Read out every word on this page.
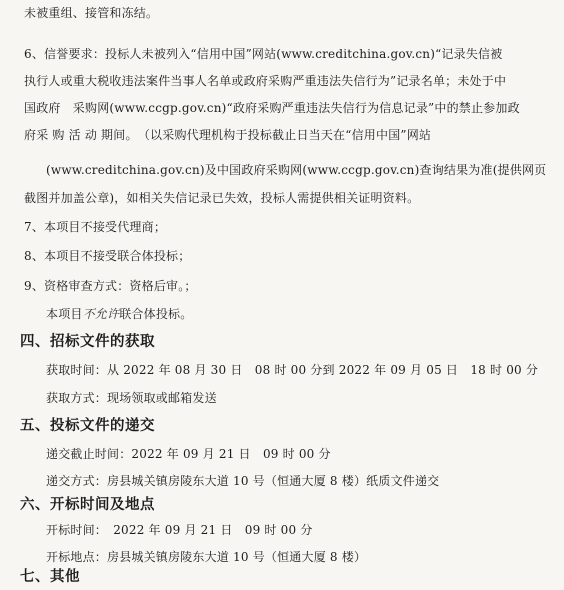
未被重组、接管和冻结。
6、信誉要求：投标人未被列入“信用中国”网站(www.creditchina.gov.cn)“记录失信被
执行人或重大税收违法案件当事人名单或政府采购严重违法失信行为”记录名单；未处于中
国政府　采购网(www.ccgp.gov.cn)“政府采购严重违法失信行为信息记录”中的禁止参加政
府采 购 活 动 期间。　（以采购代理机构于投标截止日当天在“信用中国”网站
(www.creditchina.gov.cn)及中国政府采购网(www.ccgp.gov.cn)查询结果为准(提供网页
截图并加盖公章)，如相关失信记录已失效，投标人需提供相关证明资料。
7、本项目不接受代理商；
8、本项目不接受联合体投标；
9、资格审查方式：资格后审。；
本项目不允许联合体投标。
四、招标文件的获取
获取时间：从 2022 年 08 月 30 日　08 时 00 分到 2022 年 09 月 05 日　18 时 00 分
获取方式：现场领取或邮箱发送
五、投标文件的递交
递交截止时间：2022 年 09 月 21 日　09 时 00 分
递交方式：房县城关镇房陵东大道 10 号（恒通大厦 8 楼）纸质文件递交
六、开标时间及地点
开标时间：　2022 年 09 月 21 日　09 时 00 分
开标地点：房县城关镇房陵东大道 10 号（恒通大厦 8 楼）
七、其他
